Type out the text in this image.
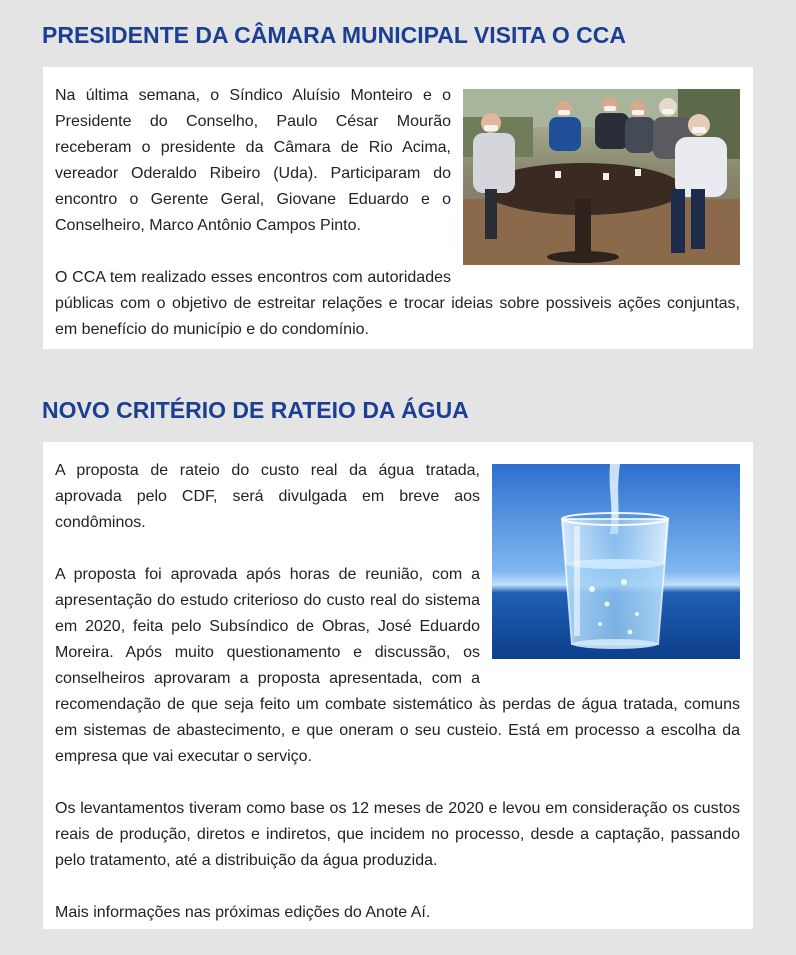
PRESIDENTE DA CÂMARA MUNICIPAL VISITA O CCA

Na última semana, o Síndico Aluísio Monteiro e o Presidente do Conselho, Paulo César Mourão receberam o presidente da Câmara de Rio Acima, vereador Oderaldo Ribeiro (Uda). Participaram do encontro o Gerente Geral, Giovane Eduardo e o Conselheiro, Marco Antônio Campos Pinto.

O CCA tem realizado esses encontros com autoridades públicas com o objetivo de estreitar relações e trocar ideias sobre possiveis ações conjuntas, em benefício do município e do condomínio.

NOVO CRITÉRIO DE RATEIO DA ÁGUA

A proposta de rateio do custo real da água tratada, aprovada pelo CDF, será divulgada em breve aos condôminos.

A proposta foi aprovada após horas de reunião, com a apresentação do estudo criterioso do custo real do sistema em 2020, feita pelo Subsíndico de Obras, José Eduardo Moreira. Após muito questionamento e discussão, os conselheiros aprovaram a proposta apresentada, com a recomendação de que seja feito um combate sistemático às perdas de água tratada, comuns em sistemas de abastecimento, e que oneram o seu custeio. Está em processo a escolha da empresa que vai executar o serviço.

Os levantamentos tiveram como base os 12 meses de 2020 e levou em consideração os custos reais de produção, diretos e indiretos, que incidem no processo, desde a captação, passando pelo tratamento, até a distribuição da água produzida.

Mais informações nas próximas edições do Anote Aí.
